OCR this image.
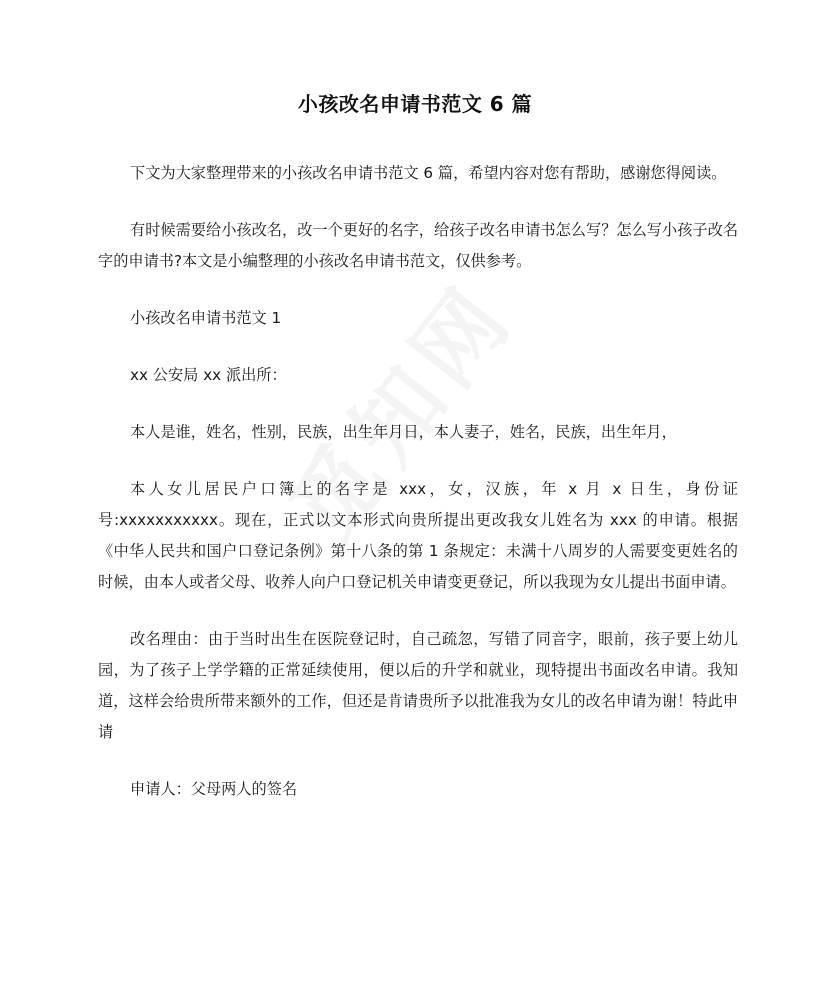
小孩改名申请书范文 6 篇

下文为大家整理带来的小孩改名申请书范文 6 篇，希望内容对您有帮助，感谢您得阅读。

有时候需要给小孩改名，改一个更好的名字，给孩子改名申请书怎么写？怎么写小孩子改名字的申请书?本文是小编整理的小孩改名申请书范文，仅供参考。

小孩改名申请书范文 1

xx 公安局 xx 派出所：

本人是谁，姓名，性别，民族，出生年月日，本人妻子，姓名，民族，出生年月，

本人女儿居民户口簿上的名字是 xxx，女，汉族，年 x 月 x 日生，身份证号:xxxxxxxxxxx。现在，正式以文本形式向贵所提出更改我女儿姓名为 xxx 的申请。根据《中华人民共和国户口登记条例》第十八条的第 1 条规定：未满十八周岁的人需要变更姓名的时候，由本人或者父母、收养人向户口登记机关申请变更登记，所以我现为女儿提出书面申请。

改名理由：由于当时出生在医院登记时，自己疏忽，写错了同音字，眼前，孩子要上幼儿园，为了孩子上学学籍的正常延续使用，便以后的升学和就业，现特提出书面改名申请。我知道，这样会给贵所带来额外的工作，但还是肯请贵所予以批准我为女儿的改名申请为谢！特此申请

申请人：父母两人的签名
